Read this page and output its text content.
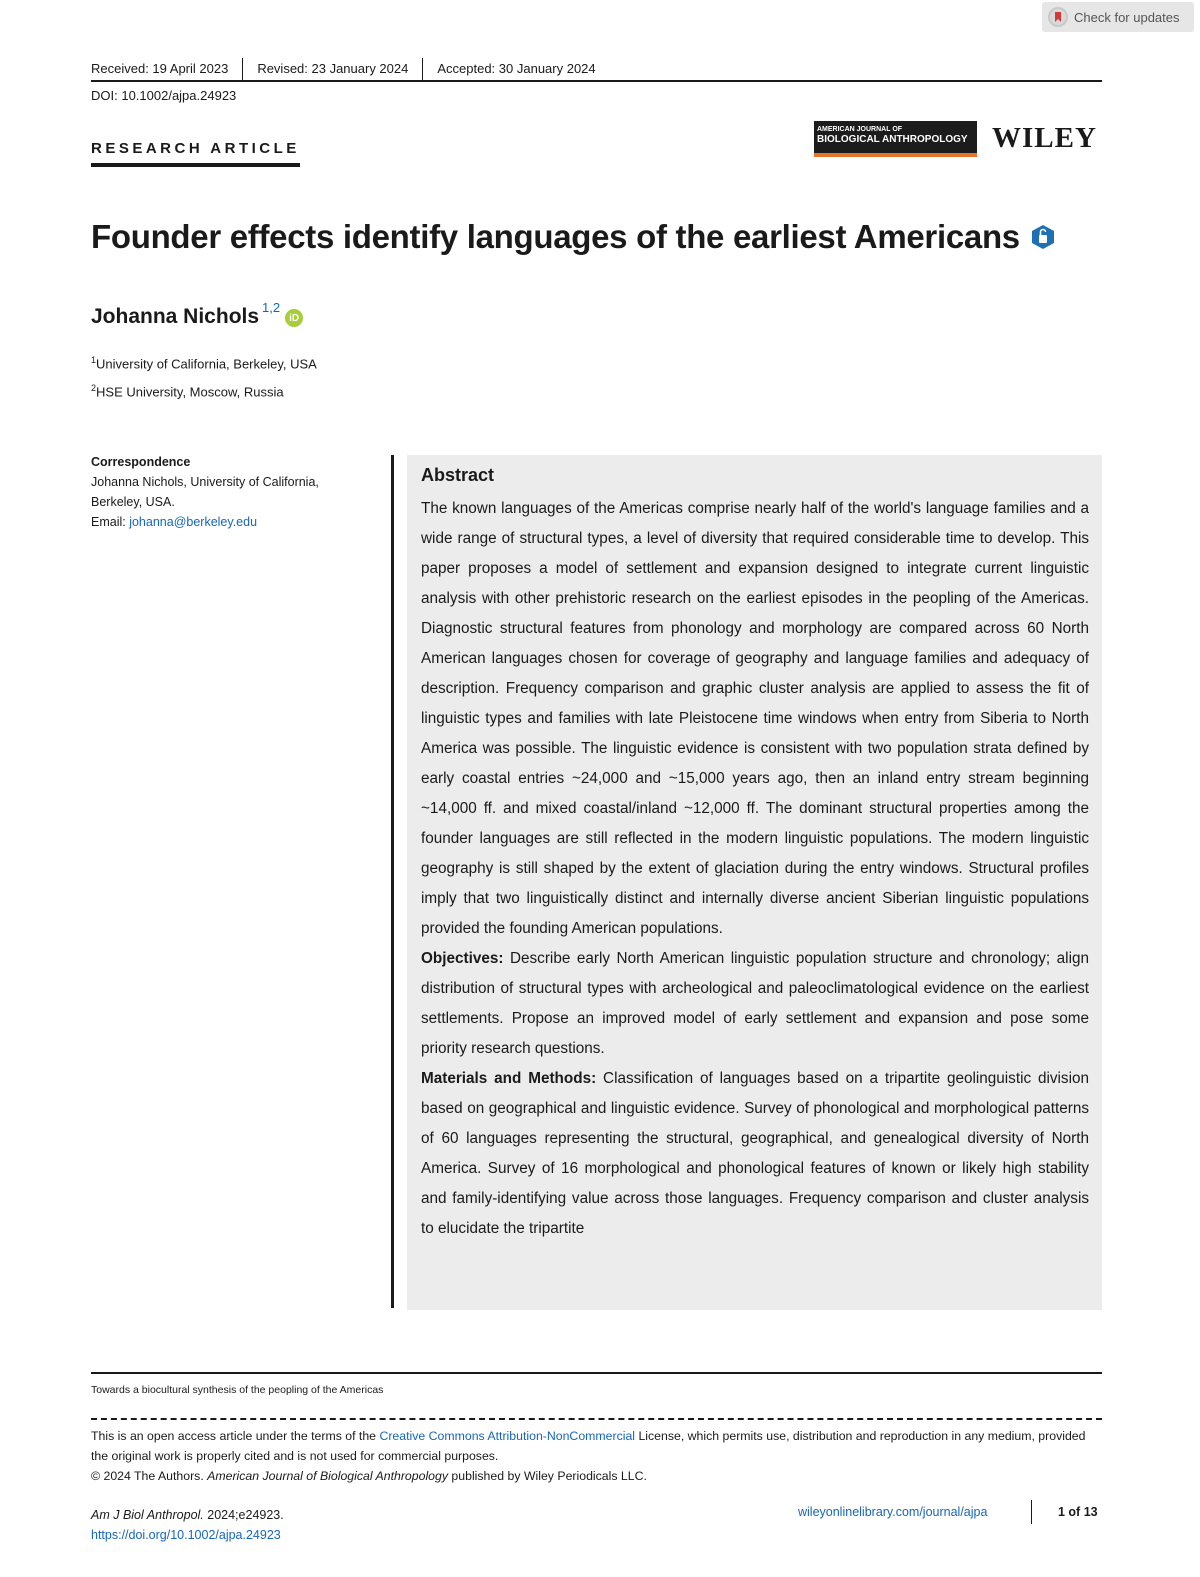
Check for updates
Received: 19 April 2023 Revised: 23 January 2024 Accepted: 30 January 2024
DOI: 10.1002/ajpa.24923
RESEARCH ARTICLE
AMERICAN JOURNAL OF
BIOLOGICAL ANTHROPOLOGY WILEY
Founder effects identify languages of the earliest Americans
Johanna Nichols$^{1,2}$
iD
$^1$University of California, Berkeley, USA
$^2$HSE University, Moscow, Russia
Correspondence
Johanna Nichols, University of California,
Berkeley, USA.
Email: johanna@berkeley.edu
Abstract

The known languages of the Americas comprise nearly half of the world's language families and a wide range of structural types, a level of diversity that required considerable time to develop. This paper proposes a model of settlement and expansion designed to integrate current linguistic analysis with other prehistoric research on the earliest episodes in the peopling of the Americas. Diagnostic structural features from phonology and morphology are compared across 60 North American languages chosen for coverage of geography and language families and adequacy of description. Frequency comparison and graphic cluster analysis are applied to assess the fit of linguistic types and families with late Pleistocene time windows when entry from Siberia to North America was possible. The linguistic evidence is consistent with two population strata defined by early coastal entries ~24,000 and ~15,000 years ago, then an inland entry stream beginning ~14,000 ff. and mixed coastal/inland ~12,000 ff. The dominant structural properties among the founder languages are still reflected in the modern linguistic populations. The modern linguistic geography is still shaped by the extent of glaciation during the entry windows. Structural profiles imply that two linguistically distinct and internally diverse ancient Siberian linguistic populations provided the founding American populations.

Objectives: Describe early North American linguistic population structure and chronology; align distribution of structural types with archeological and paleoclimatological evidence on the earliest settlements. Propose an improved model of early settlement and expansion and pose some priority research questions.

Materials and Methods: Classification of languages based on a tripartite geolinguistic division based on geographical and linguistic evidence. Survey of phonological and morphological patterns of 60 languages representing the structural, geographical, and genealogical diversity of North America. Survey of 16 morphological and phonological features of known or likely high stability and family-identifying value across those languages. Frequency comparison and cluster analysis to elucidate the tripartite

Towards a biocultural synthesis of the peopling of the Americas
This is an open access article under the terms of the Creative Commons Attribution-NonCommercial License, which permits use, distribution and reproduction in any medium, provided the original work is properly cited and is not used for commercial purposes.
© 2024 The Authors. American Journal of Biological Anthropology published by Wiley Periodicals LLC.
Am J Biol Anthropol. 2024;e24923.
https://doi.org/10.1002/ajpa.24923
wileyonlinelibrary.com/journal/ajpa	1 of 13
